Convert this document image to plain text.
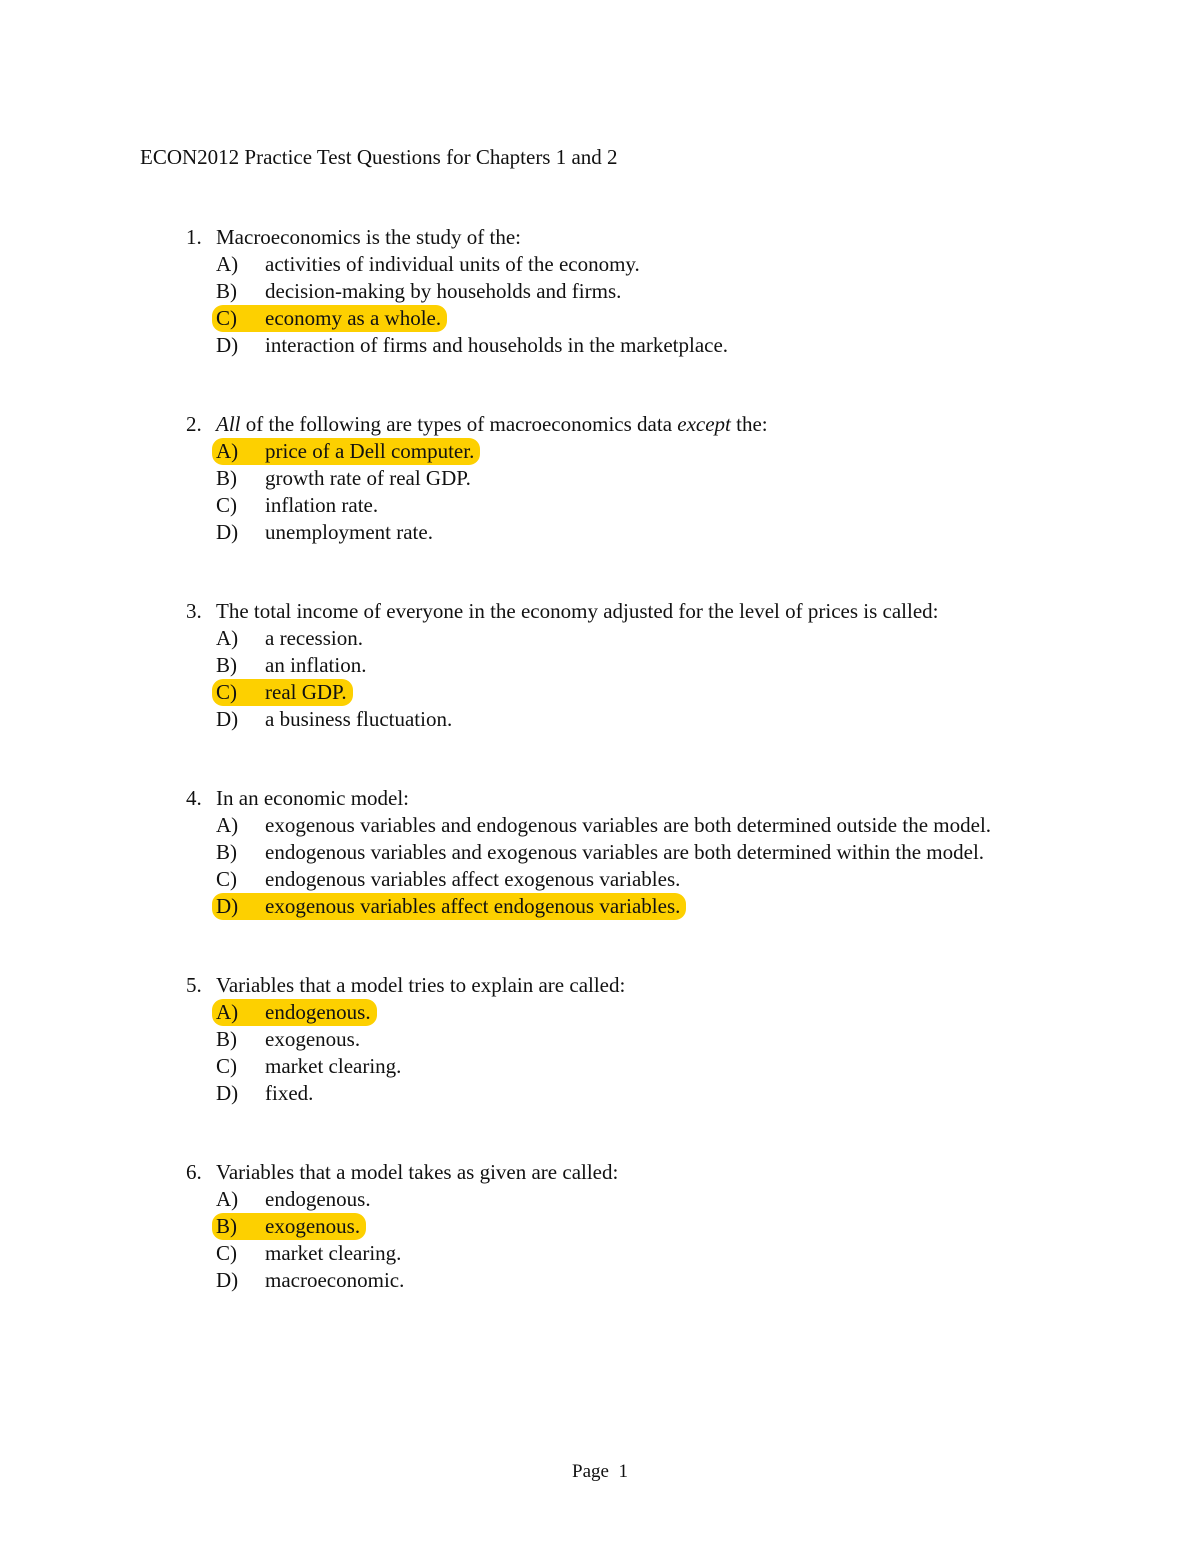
ECON2012 Practice Test Questions for Chapters 1 and 2
1. Macroeconomics is the study of the:
A) activities of individual units of the economy.
B) decision-making by households and firms.
C) economy as a whole.
D) interaction of firms and households in the marketplace.
2. All of the following are types of macroeconomics data except the:
A) price of a Dell computer.
B) growth rate of real GDP.
C) inflation rate.
D) unemployment rate.
3. The total income of everyone in the economy adjusted for the level of prices is called:
A) a recession.
B) an inflation.
C) real GDP.
D) a business fluctuation.
4. In an economic model:
A) exogenous variables and endogenous variables are both determined outside the model.
B) endogenous variables and exogenous variables are both determined within the model.
C) endogenous variables affect exogenous variables.
D) exogenous variables affect endogenous variables.
5. Variables that a model tries to explain are called:
A) endogenous.
B) exogenous.
C) market clearing.
D) fixed.
6. Variables that a model takes as given are called:
A) endogenous.
B) exogenous.
C) market clearing.
D) macroeconomic.
Page 1
